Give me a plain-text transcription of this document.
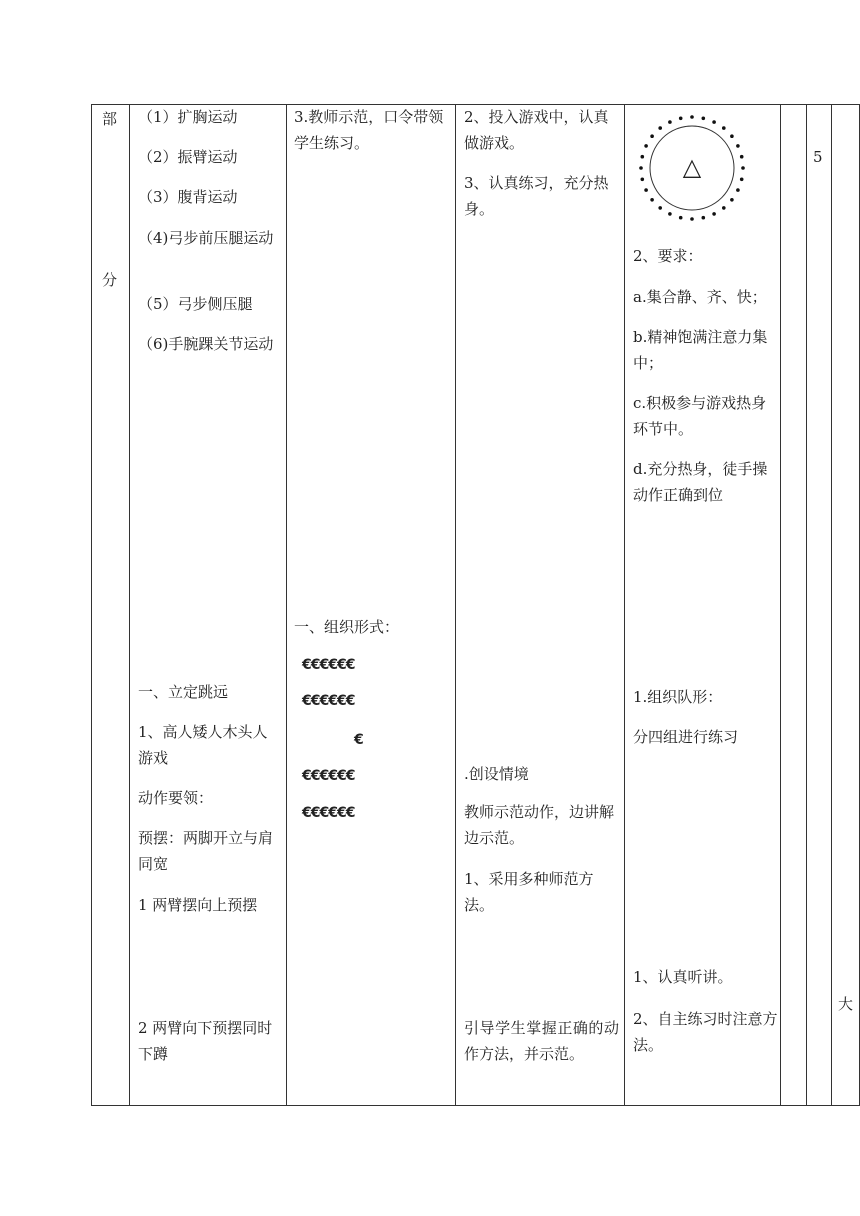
部
分
（1）扩胸运动
（2）振臂运动
（3）腹背运动
（4)弓步前压腿运动
（5）弓步侧压腿
（6)手腕踝关节运动
一、立定跳远
1、高人矮人木头人游戏
动作要领：
预摆：两脚开立与肩同宽
1 两臂摆向上预摆
2 两臂向下预摆同时下蹲
3.教师示范，口令带领学生练习。
一、组织形式：
€€€€€€
€€€€€€
€
€€€€€€
€€€€€€
2、投入游戏中，认真做游戏。
3、认真练习，充分热身。
.创设情境
教师示范动作，边讲解边示范。
1、采用多种师范方法。
引导学生掌握正确的动作方法，并示范。
△
2、要求：
a.集合静、齐、快；
b.精神饱满注意力集中；
c.积极参与游戏热身环节中。
d.充分热身，徒手操动作正确到位
1.组织队形：
分四组进行练习
1、认真听讲。
2、自主练习时注意方法。
5
大
